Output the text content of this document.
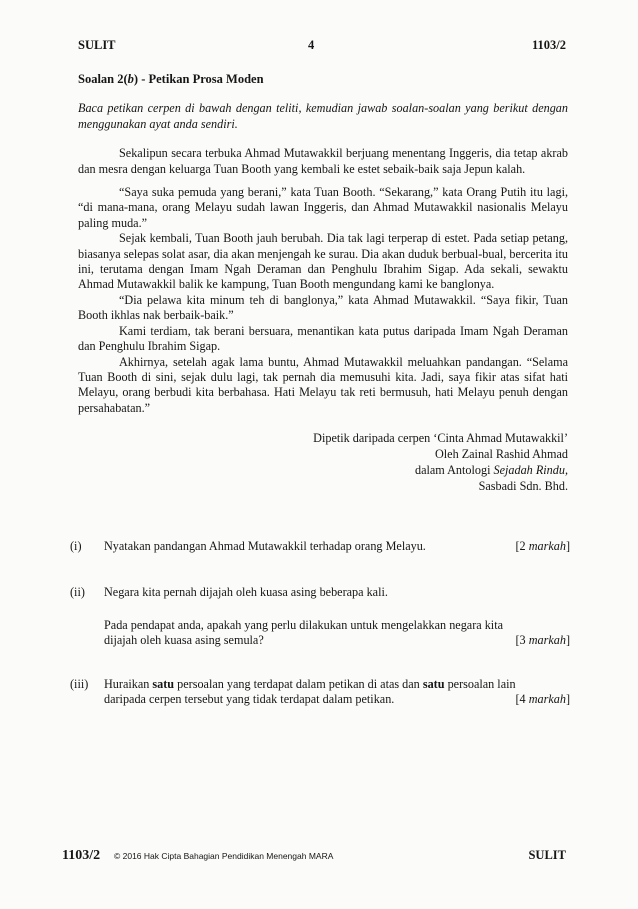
SULIT	4	1103/2
Soalan 2(b) - Petikan Prosa Moden

Baca petikan cerpen di bawah dengan teliti, kemudian jawab soalan-soalan yang berikut dengan menggunakan ayat anda sendiri.

Sekalipun secara terbuka Ahmad Mutawakkil berjuang menentang Inggeris, dia tetap akrab dan mesra dengan keluarga Tuan Booth yang kembali ke estet sebaik-baik saja Jepun kalah.

“Saya suka pemuda yang berani,” kata Tuan Booth. “Sekarang,” kata Orang Putih itu lagi, “di mana-mana, orang Melayu sudah lawan Inggeris, dan Ahmad Mutawakkil nasionalis Melayu paling muda.”

Sejak kembali, Tuan Booth jauh berubah. Dia tak lagi terperap di estet. Pada setiap petang, biasanya selepas solat asar, dia akan menjengah ke surau. Dia akan duduk berbual-bual, bercerita itu ini, terutama dengan Imam Ngah Deraman dan Penghulu Ibrahim Sigap. Ada sekali, sewaktu Ahmad Mutawakkil balik ke kampung, Tuan Booth mengundang kami ke banglonya.

“Dia pelawa kita minum teh di banglonya,” kata Ahmad Mutawakkil. “Saya fikir, Tuan Booth ikhlas nak berbaik-baik.”

Kami terdiam, tak berani bersuara, menantikan kata putus daripada Imam Ngah Deraman dan Penghulu Ibrahim Sigap.

Akhirnya, setelah agak lama buntu, Ahmad Mutawakkil meluahkan pandangan. “Selama Tuan Booth di sini, sejak dulu lagi, tak pernah dia memusuhi kita. Jadi, saya fikir atas sifat hati Melayu, orang berbudi kita berbahasa. Hati Melayu tak reti bermusuh, hati Melayu penuh dengan persahabatan.”

Dipetik daripada cerpen ‘Cinta Ahmad Mutawakkil’
Oleh Zainal Rashid Ahmad
dalam Antologi Sejadah Rindu,
Sasbadi Sdn. Bhd.
(i) Nyatakan pandangan Ahmad Mutawakkil terhadap orang Melayu.	[2 markah]
(ii) Negara kita pernah dijajah oleh kuasa asing beberapa kali.
Pada pendapat anda, apakah yang perlu dilakukan untuk mengelakkan negara kita
dijajah oleh kuasa asing semula?	[3 markah]
(iii) Huraikan satu persoalan yang terdapat dalam petikan di atas dan satu persoalan lain
daripada cerpen tersebut yang tidak terdapat dalam petikan.	[4 markah]
1103/2 © 2016 Hak Cipta Bahagian Pendidikan Menengah MARA	SULIT
